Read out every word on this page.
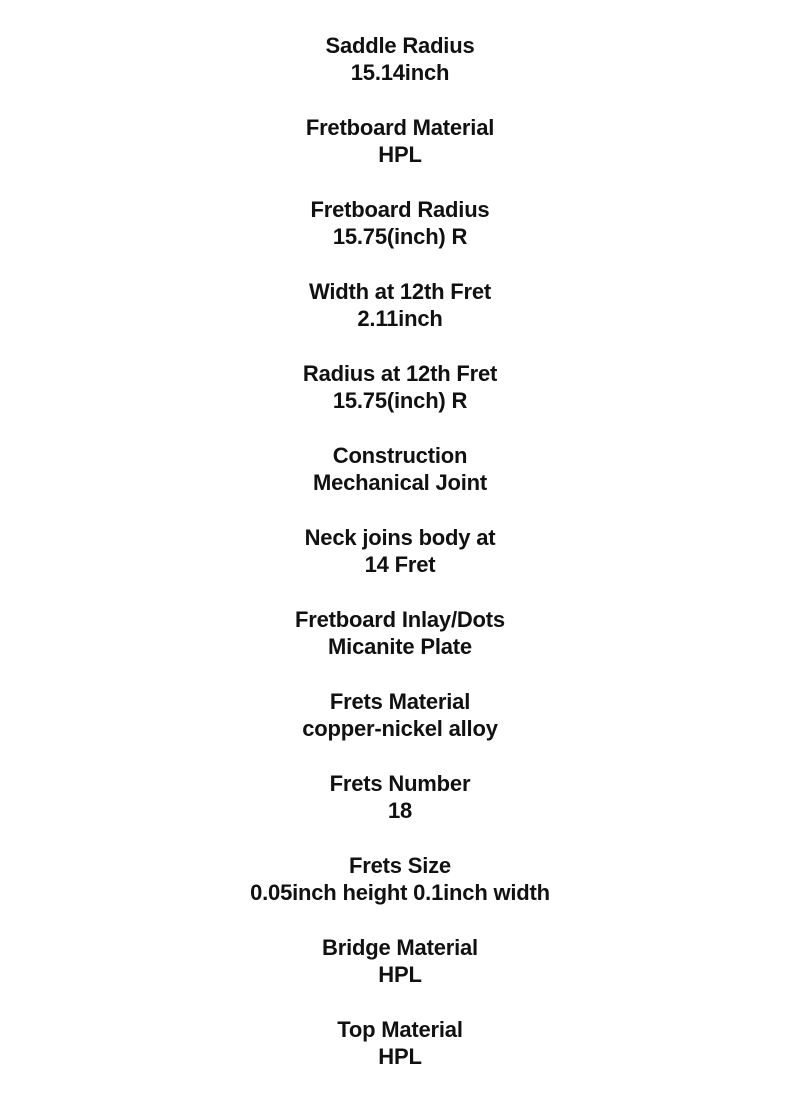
Saddle Radius
15.14inch
Fretboard Material
HPL
Fretboard Radius
15.75(inch) R
Width at 12th Fret
2.11inch
Radius at 12th Fret
15.75(inch) R
Construction
Mechanical Joint
Neck joins body at
14 Fret
Fretboard Inlay/Dots
Micanite Plate
Frets Material
copper-nickel alloy
Frets Number
18
Frets Size
0.05inch height 0.1inch width
Bridge Material
HPL
Top Material
HPL
